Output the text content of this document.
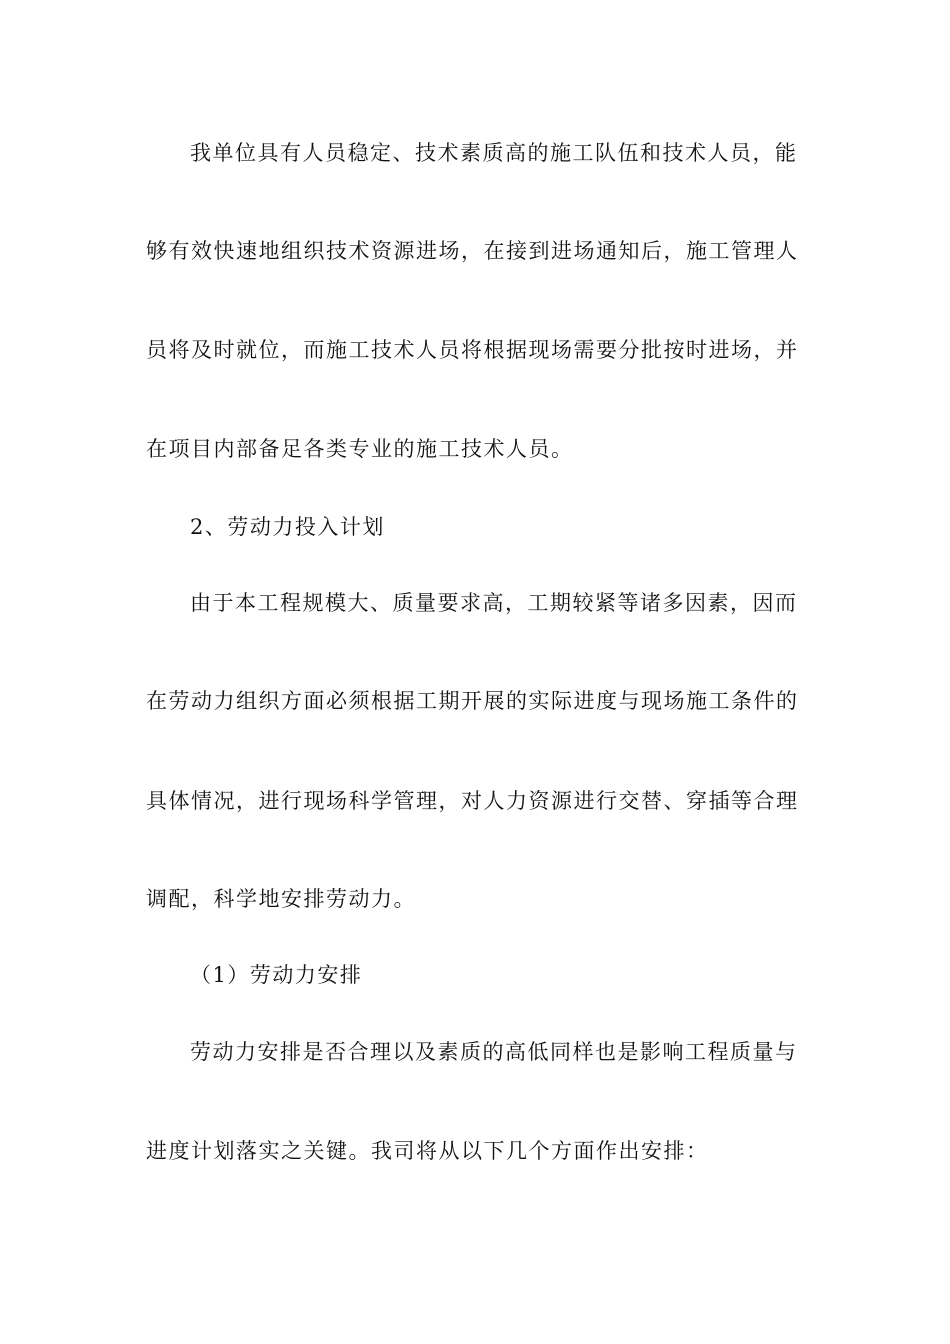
我单位具有人员稳定、技术素质高的施工队伍和技术人员，能
够有效快速地组织技术资源进场，在接到进场通知后，施工管理人
员将及时就位，而施工技术人员将根据现场需要分批按时进场，并
在项目内部备足各类专业的施工技术人员。
2、劳动力投入计划
由于本工程规模大、质量要求高，工期较紧等诸多因素，因而
在劳动力组织方面必须根据工期开展的实际进度与现场施工条件的
具体情况，进行现场科学管理，对人力资源进行交替、穿插等合理
调配，科学地安排劳动力。
（1）劳动力安排
劳动力安排是否合理以及素质的高低同样也是影响工程质量与
进度计划落实之关键。我司将从以下几个方面作出安排：
